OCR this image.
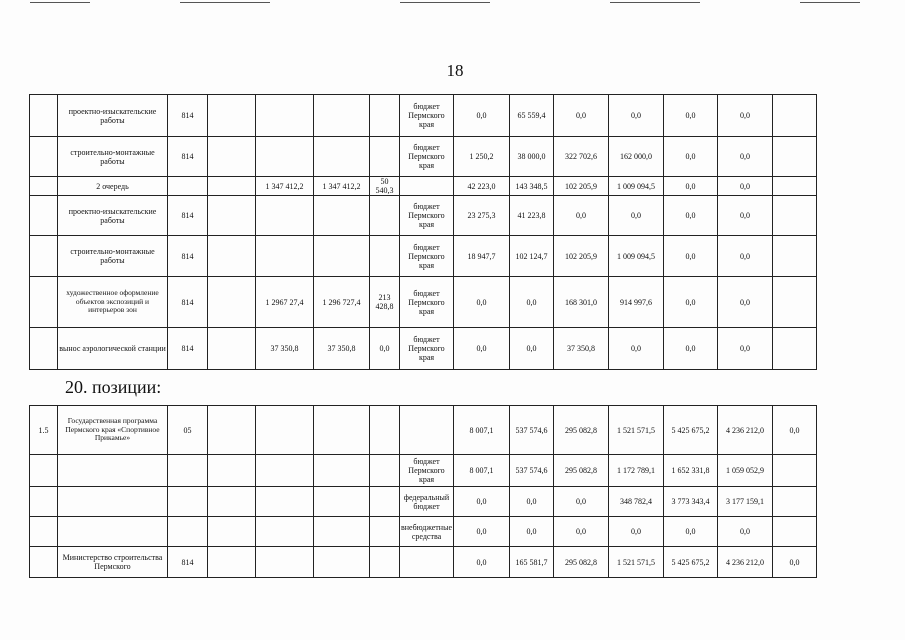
18
	проектно-изыскательские работы	814					бюджет Пермского края	0,0	65 559,4	0,0	0,0	0,0	0,0	
	строительно-монтажные работы	814					бюджет Пермского края	1 250,2	38 000,0	322 702,6	162 000,0	0,0	0,0	
	2 очередь			1 347 412,2	1 347 412,2	50 540,3		42 223,0	143 348,5	102 205,9	1 009 094,5	0,0	0,0	
	проектно-изыскательские работы	814					бюджет Пермского края	23 275,3	41 223,8	0,0	0,0	0,0	0,0	
	строительно-монтажные работы	814					бюджет Пермского края	18 947,7	102 124,7	102 205,9	1 009 094,5	0,0	0,0	
	художественное оформление объектов экспозиций и интерьеров зон	814		1 2967 27,4	1 296 727,4	213 428,8	бюджет Пермского края	0,0	0,0	168 301,0	914 997,6	0,0	0,0	
	вынос аэрологической станции	814		37 350,8	37 350,8	0,0	бюджет Пермского края	0,0	0,0	37 350,8	0,0	0,0	0,0	
20. позиции:
1.5	Государственная программа Пермского края «Спортивное Прикамье»	05						8 007,1	537 574,6	295 082,8	1 521 571,5	5 425 675,2	4 236 212,0	0,0
							бюджет Пермского края	8 007,1	537 574,6	295 082,8	1 172 789,1	1 652 331,8	1 059 052,9	
							федеральный бюджет	0,0	0,0	0,0	348 782,4	3 773 343,4	3 177 159,1	
							внебюджетные средства	0,0	0,0	0,0	0,0	0,0	0,0	
	Министерство строительства Пермского	814						0,0	165 581,7	295 082,8	1 521 571,5	5 425 675,2	4 236 212,0	0,0
